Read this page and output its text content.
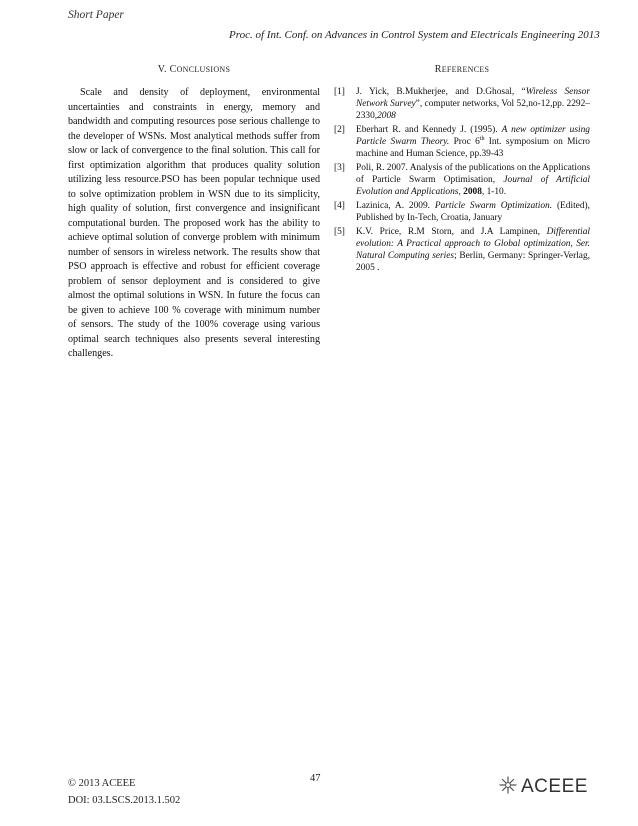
Short Paper
Proc. of Int. Conf. on Advances in Control System and Electricals Engineering 2013
V. CONCLUSIONS

Scale and density of deployment, environmental uncertainties and constraints in energy, memory and bandwidth and computing resources pose serious challenge to the developer of WSNs. Most analytical methods suffer from slow or lack of convergence to the final solution. This call for first optimization algorithm that produces quality solution utilizing less resource.PSO has been popular technique used to solve optimization problem in WSN due to its simplicity, high quality of solution, first convergence and insignificant computational burden. The proposed work has the ability to achieve optimal solution of converge problem with minimum number of sensors in wireless network. The results show that PSO approach is effective and robust for efficient coverage problem of sensor deployment and is considered to give almost the optimal solutions in WSN. In future the focus can be given to achieve 100 % coverage with minimum number of sensors. The study of the 100% coverage using various optimal search techniques also presents several interesting challenges.

REFERENCES
[1] J. Yick, B.Mukherjee, and D.Ghosal, “Wireless Sensor Network Survey”, computer networks, Vol 52,no-12,pp. 2292–2330,2008
[2] Eberhart R. and Kennedy J. (1995). A new optimizer using Particle Swarm Theory. Proc 6th Int. symposium on Micro machine and Human Science, pp.39-43
[3] Poli, R. 2007. Analysis of the publications on the Applications of Particle Swarm Optimisation, Journal of Artificial Evolution and Applications, 2008, 1-10.
[4] Lazinica, A. 2009. Particle Swarm Optimization. (Edited), Published by In-Tech, Croatia, January
[5] K.V. Price, R.M Storn, and J.A Lampinen, Differential evolution: A Practical approach to Global optimization, Ser. Natural Computing series; Berlin, Germany: Springer-Verlag, 2005 .
© 2013 ACEEE
DOI: 03.LSCS.2013.1.502
47	ACEEE
